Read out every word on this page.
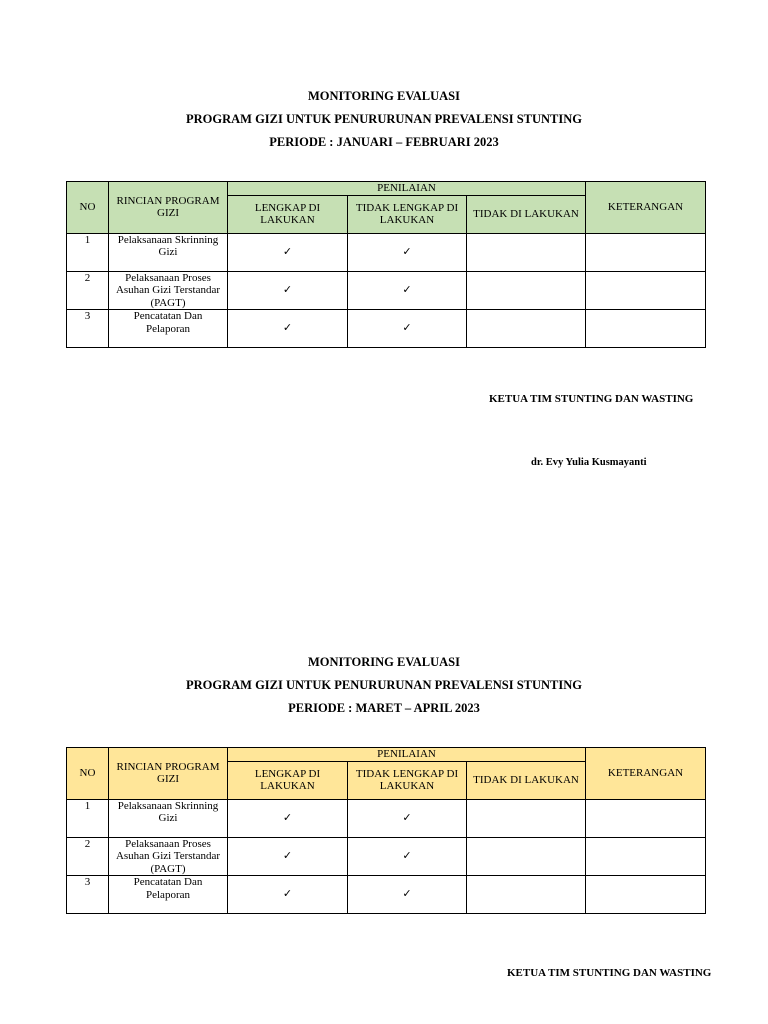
MONITORING EVALUASI
PROGRAM GIZI UNTUK PENURURUNAN PREVALENSI STUNTING
PERIODE : JANUARI – FEBRUARI 2023
NO	RINCIAN PROGRAM GIZI	PENILAIAN			KETERANGAN
		LENGKAP DI LAKUKAN	TIDAK LENGKAP DI LAKUKAN	TIDAK DI LAKUKAN	
1	Pelaksanaan Skrinning Gizi	✓	✓		
2	Pelaksanaan Proses Asuhan Gizi Terstandar (PAGT)	✓	✓		
3	Pencatatan Dan Pelaporan	✓	✓		
KETUA TIM STUNTING DAN WASTING
dr. Evy Yulia Kusmayanti
MONITORING EVALUASI
PROGRAM GIZI UNTUK PENURURUNAN PREVALENSI STUNTING
PERIODE : MARET – APRIL 2023
NO	RINCIAN PROGRAM GIZI	PENILAIAN			KETERANGAN
		LENGKAP DI LAKUKAN	TIDAK LENGKAP DI LAKUKAN	TIDAK DI LAKUKAN	
1	Pelaksanaan Skrinning Gizi	✓	✓		
2	Pelaksanaan Proses Asuhan Gizi Terstandar (PAGT)	✓	✓		
3	Pencatatan Dan Pelaporan	✓	✓		
KETUA TIM STUNTING DAN WASTING
